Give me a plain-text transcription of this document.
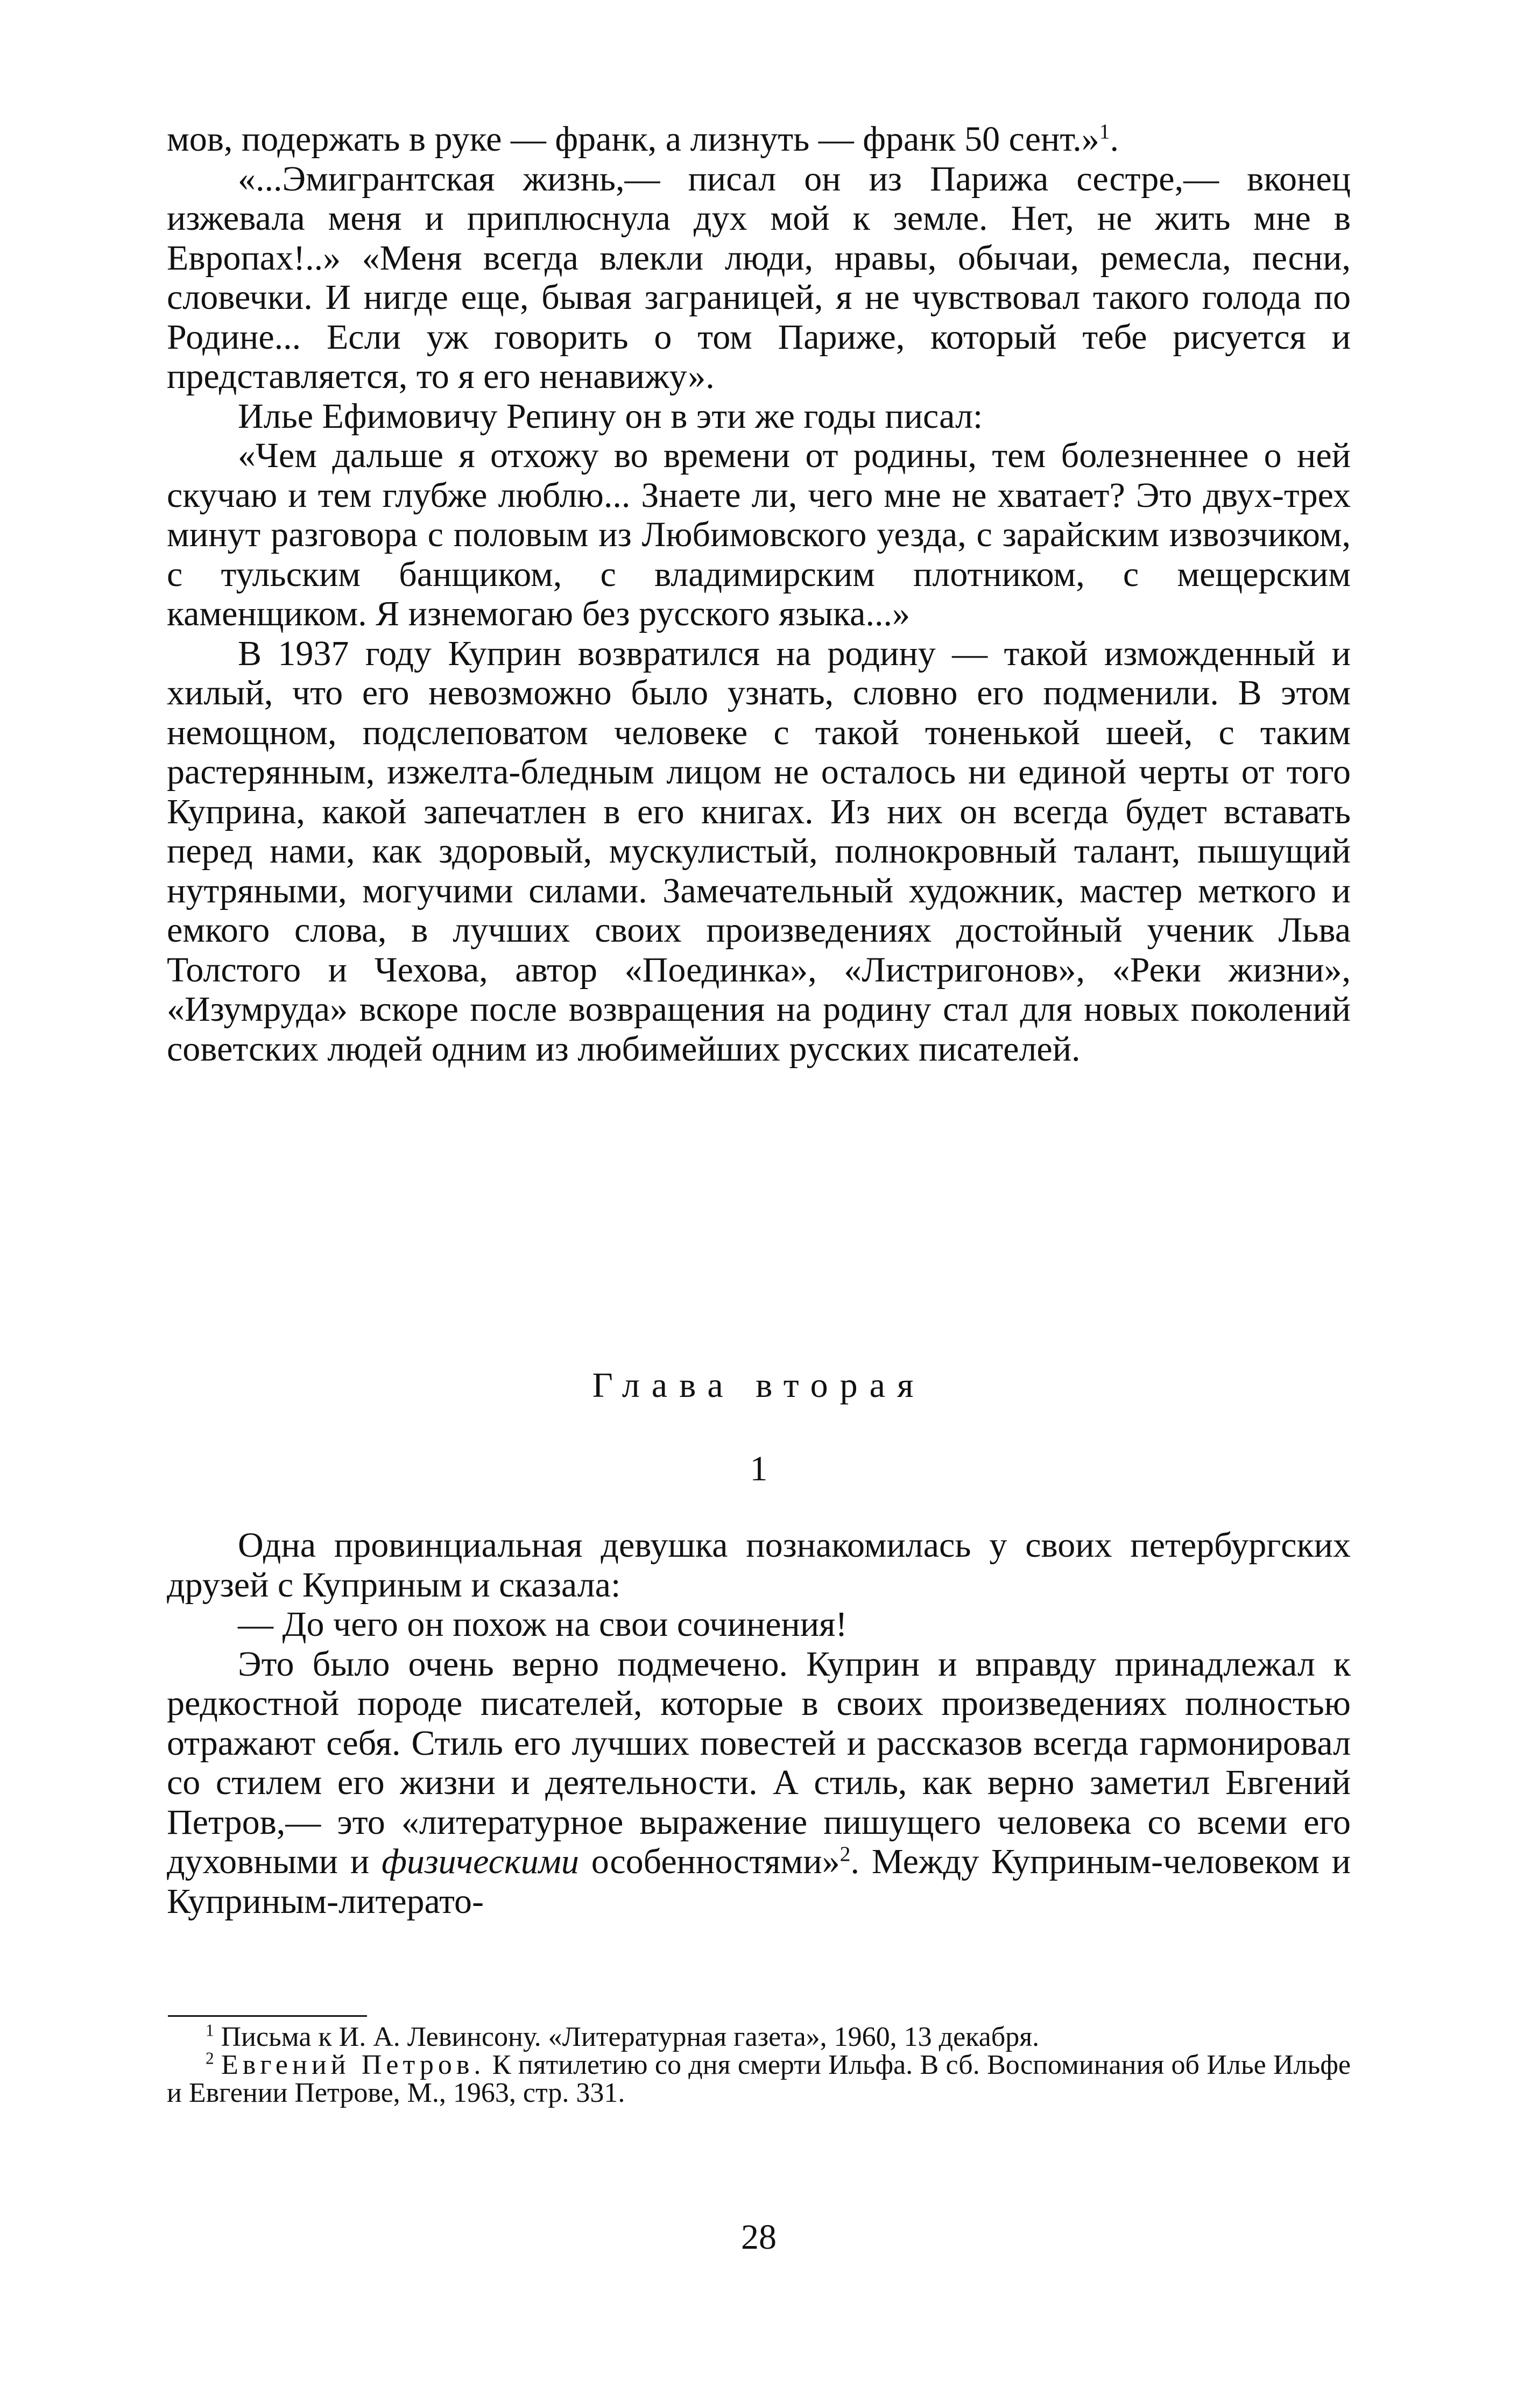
мов, подержать в руке — франк, а лизнуть — франк 50 сент.»$^1$.

«...Эмигрантская жизнь,— писал он из Парижа сестре,— вконец изжевала меня и приплюснула дух мой к земле. Нет, не жить мне в Европах!..» «Меня всегда влекли люди, нравы, обычаи, ремесла, песни, словечки. И нигде еще, бывая заграницей, я не чувствовал такого голода по Родине... Если уж говорить о том Париже, который тебе рисуется и представляется, то я его ненавижу».

Илье Ефимовичу Репину он в эти же годы писал:

«Чем дальше я отхожу во времени от родины, тем болезненнее о ней скучаю и тем глубже люблю... Знаете ли, чего мне не хватает? Это двух-трех минут разговора с половым из Любимовского уезда, с зарайским извозчиком, с тульским банщиком, с владимирским плотником, с мещерским каменщиком. Я изнемогаю без русского языка...»

В 1937 году Куприн возвратился на родину — такой изможденный и хилый, что его невозможно было узнать, словно его подменили. В этом немощном, подслеповатом человеке с такой тоненькой шеей, с таким растерянным, изжелта-бледным лицом не осталось ни единой черты от того Куприна, какой запечатлен в его книгах. Из них он всегда будет вставать перед нами, как здоровый, мускулистый, полнокровный талант, пышущий нутряными, могучими силами. Замечательный художник, мастер меткого и емкого слова, в лучших своих произведениях достойный ученик Льва Толстого и Чехова, автор «Поединка», «Листригонов», «Реки жизни», «Изумруда» вскоре после возвращения на родину стал для новых поколений советских людей одним из любимейших русских писателей.

Глава вторая
1

Одна провинциальная девушка познакомилась у своих петербургских друзей с Куприным и сказала:

— До чего он похож на свои сочинения!

Это было очень верно подмечено. Куприн и вправду принадлежал к редкостной породе писателей, которые в своих произведениях полностью отражают себя. Стиль его лучших повестей и рассказов всегда гармонировал со стилем его жизни и деятельности. А стиль, как верно заметил Евгений Петров,— это «литературное выражение пишущего человека со всеми его духовными и физическими особенностями»$^2$. Между Куприным-человеком и Куприным-литерато-

$^1$ Письма к И. А. Левинсону. «Литературная газета», 1960, 13 декабря.

$^2$ Евгений Петров. К пятилетию со дня смерти Ильфа. В сб. Воспоминания об Илье Ильфе и Евгении Петрове, М., 1963, стр. 331.

28
